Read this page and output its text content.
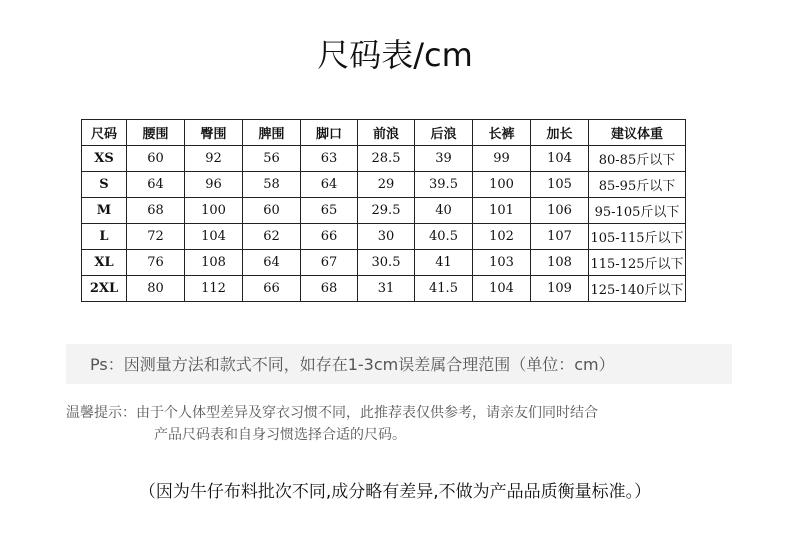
尺码表/cm
尺码	腰围	臀围	脾围	脚口	前浪	后浪	长裤	加长	建议体重
XS	60	92	56	63	28.5	39	99	104	80-85斤以下
S	64	96	58	64	29	39.5	100	105	85-95斤以下
M	68	100	60	65	29.5	40	101	106	95-105斤以下
L	72	104	62	66	30	40.5	102	107	105-115斤以下
XL	76	108	64	67	30.5	41	103	108	115-125斤以下
2XL	80	112	66	68	31	41.5	104	109	125-140斤以下
Ps：因测量方法和款式不同，如存在1-3cm误差属合理范围（单位：cm）
温馨提示：由于个人体型差异及穿衣习惯不同，此推荐表仅供参考，请亲友们同时结合
产品尺码表和自身习惯选择合适的尺码。
（因为牛仔布料批次不同,成分略有差异,不做为产品品质衡量标准。）
